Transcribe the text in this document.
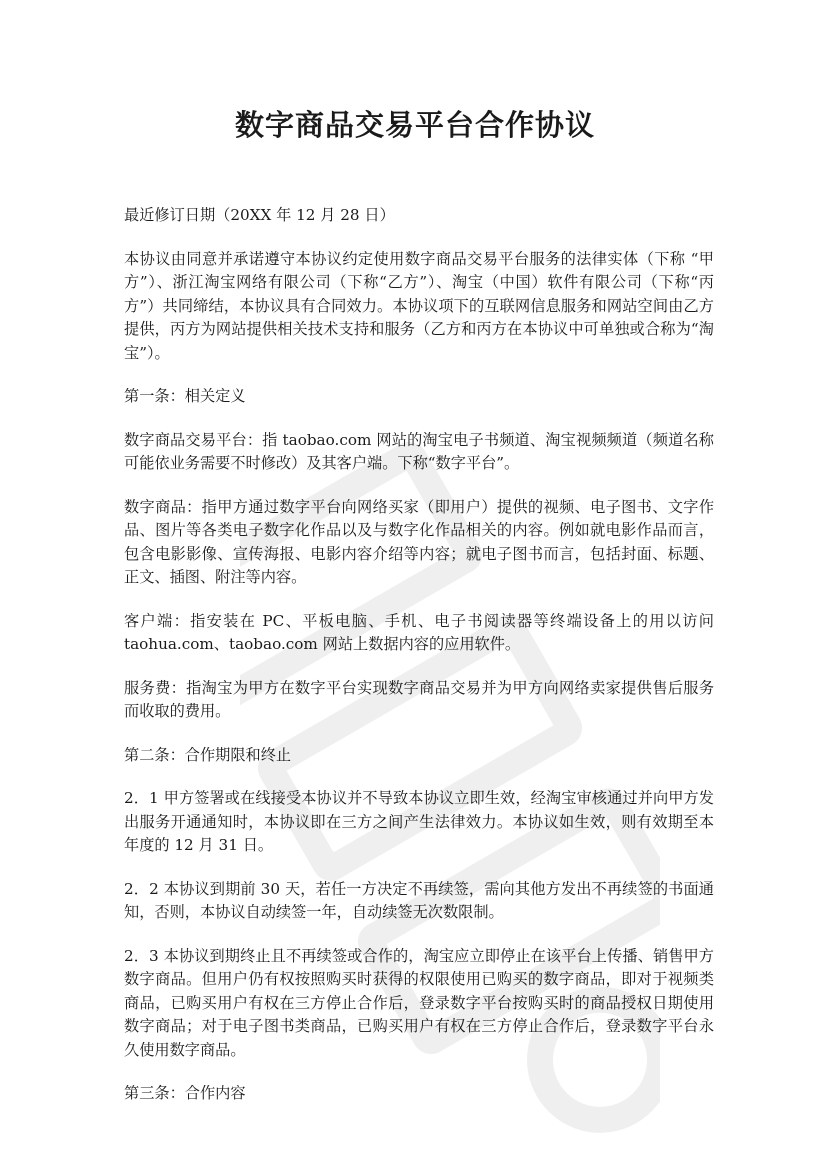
数字商品交易平台合作协议

最近修订日期（20XX 年 12 月 28 日）

本协议由同意并承诺遵守本协议约定使用数字商品交易平台服务的法律实体（下称 “甲方”）、浙江淘宝网络有限公司（下称“乙方”）、淘宝（中国）软件有限公司（下称“丙方”）共同缔结，本协议具有合同效力。本协议项下的互联网信息服务和网站空间由乙方提供，丙方为网站提供相关技术支持和服务（乙方和丙方在本协议中可单独或合称为“淘宝”）。

第一条：相关定义

数字商品交易平台：指 taobao.com 网站的淘宝电子书频道、淘宝视频频道（频道名称可能依业务需要不时修改）及其客户端。下称“数字平台”。

数字商品：指甲方通过数字平台向网络买家（即用户）提供的视频、电子图书、文字作品、图片等各类电子数字化作品以及与数字化作品相关的内容。例如就电影作品而言，包含电影影像、宣传海报、电影内容介绍等内容；就电子图书而言，包括封面、标题、正文、插图、附注等内容。

客户端：指安装在 PC、平板电脑、手机、电子书阅读器等终端设备上的用以访问 taohua.com、taobao.com 网站上数据内容的应用软件。

服务费：指淘宝为甲方在数字平台实现数字商品交易并为甲方向网络卖家提供售后服务而收取的费用。

第二条：合作期限和终止

2．1 甲方签署或在线接受本协议并不导致本协议立即生效，经淘宝审核通过并向甲方发出服务开通通知时，本协议即在三方之间产生法律效力。本协议如生效，则有效期至本年度的 12 月 31 日。

2．2 本协议到期前 30 天，若任一方决定不再续签，需向其他方发出不再续签的书面通知，否则，本协议自动续签一年，自动续签无次数限制。

2．3 本协议到期终止且不再续签或合作的，淘宝应立即停止在该平台上传播、销售甲方数字商品。但用户仍有权按照购买时获得的权限使用已购买的数字商品，即对于视频类商品，已购买用户有权在三方停止合作后，登录数字平台按购买时的商品授权日期使用数字商品；对于电子图书类商品，已购买用户有权在三方停止合作后，登录数字平台永久使用数字商品。

第三条：合作内容
